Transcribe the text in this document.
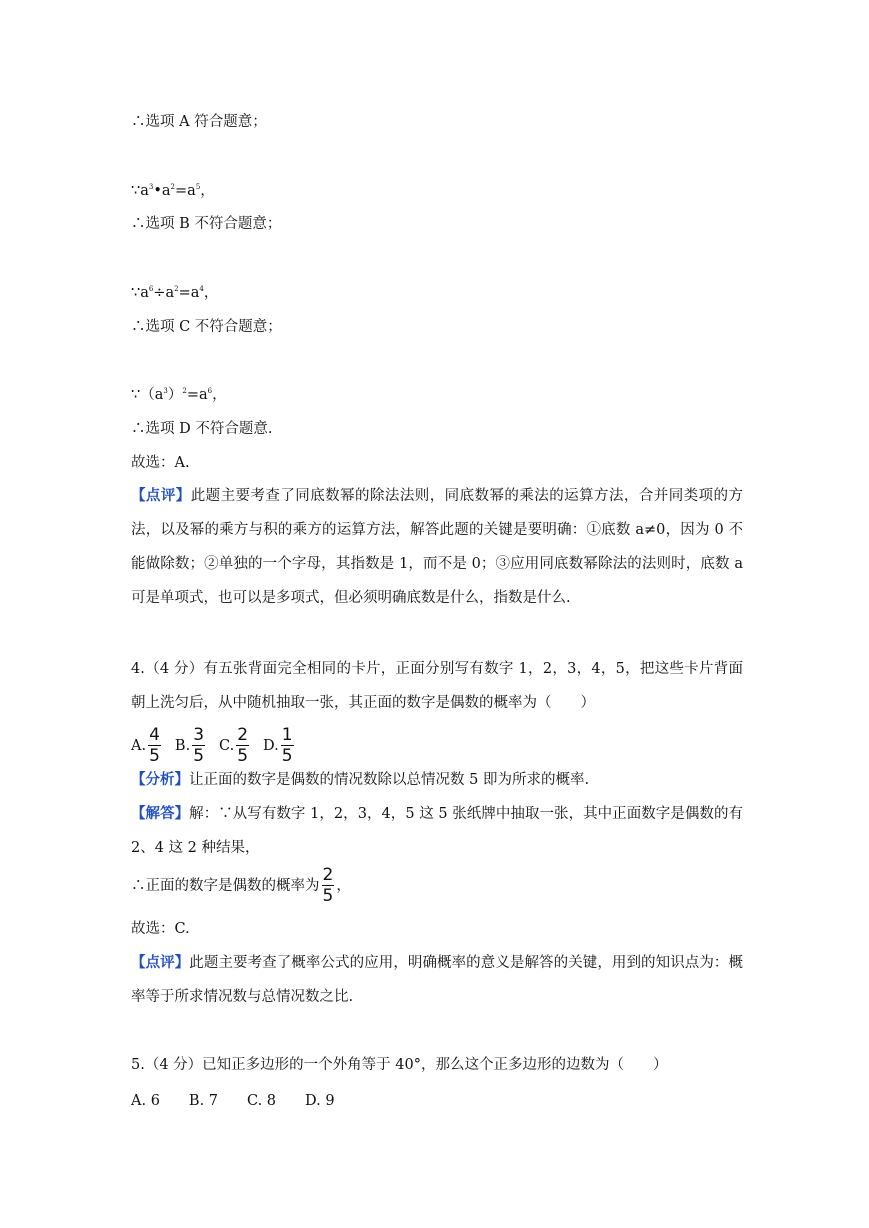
∴选项 A 符合题意；
$\because a^3•a^2=a^5$，
∴选项 B 不符合题意；
$\because a^6\div a^2=a^4$，
∴选项 C 不符合题意；
$\because(a^3)^2=a^6$，
∴选项 D 不符合题意.
故选：A.
【点评】此题主要考查了同底数幂的除法法则，同底数幂的乘法的运算方法，合并同类项的方法，以及幂的乘方与积的乘方的运算方法，解答此题的关键是要明确：①底数 a≠0，因为 0 不能做除数；②单独的一个字母，其指数是 1，而不是 0；③应用同底数幂除法的法则时，底数 a 可是单项式，也可以是多项式，但必须明确底数是什么，指数是什么.
4.（4 分）有五张背面完全相同的卡片，正面分别写有数字 1，2，3，4，5，把这些卡片背面朝上洗匀后，从中随机抽取一张，其正面的数字是偶数的概率为（　　）
A. $\frac{4}{5} B$. $\frac{3}{5} C$. $\frac{2}{5} D$. $\frac{1}{5}$
【分析】让正面的数字是偶数的情况数除以总情况数 5 即为所求的概率.
【解答】解：∵从写有数字 1，2，3，4，5 这 5 张纸牌中抽取一张，其中正面数字是偶数的有 2、4 这 2 种结果，
∴正面的数字是偶数的概率为 $\frac{2}{5}$ ，
故选：C.
【点评】此题主要考查了概率公式的应用，明确概率的意义是解答的关键，用到的知识点为：概率等于所求情况数与总情况数之比.
5.（4 分）已知正多边形的一个外角等于 40°，那么这个正多边形的边数为（　　）
A. 6　　B. 7　　C. 8　　D. 9
